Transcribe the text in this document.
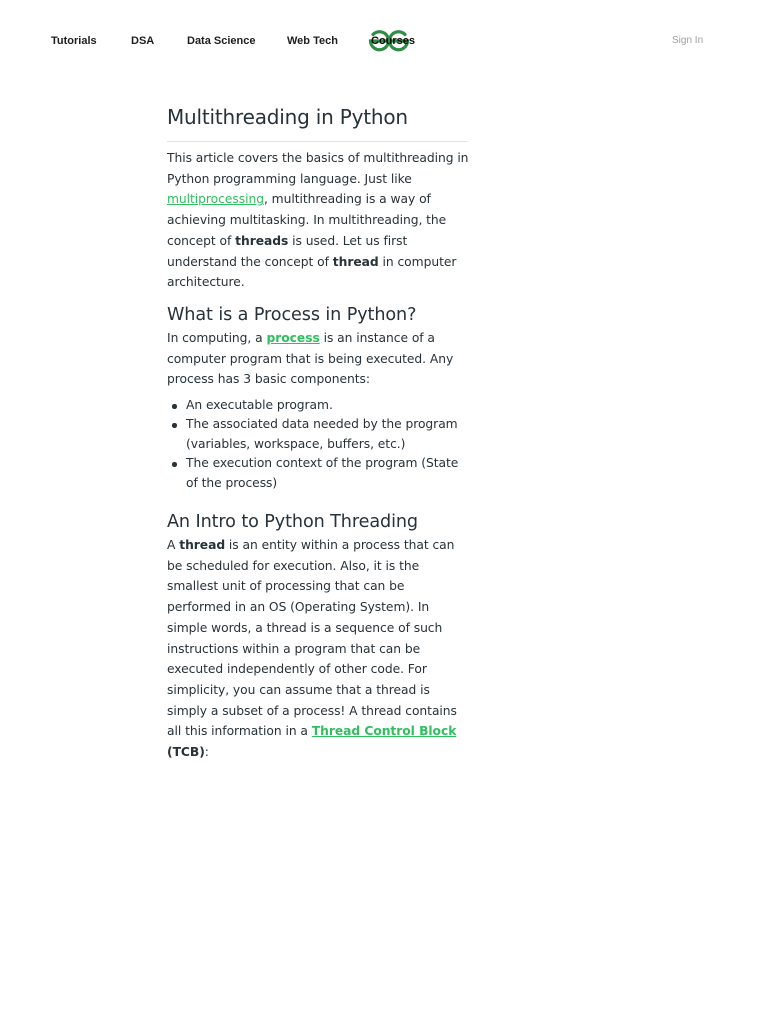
Tutorials	DSA	Data Science	Web Tech	Courses	Sign In
Multithreading in Python

This article covers the basics of multithreading in Python programming language. Just like multiprocessing, multithreading is a way of achieving multitasking. In multithreading, the concept of threads is used. Let us first understand the concept of thread in computer architecture.

What is a Process in Python?

In computing, a process is an instance of a computer program that is being executed. Any process has 3 basic components:

An executable program.
The associated data needed by the program (variables, workspace, buffers, etc.)
The execution context of the program (State of the process)
An Intro to Python Threading

A thread is an entity within a process that can be scheduled for execution. Also, it is the smallest unit of processing that can be performed in an OS (Operating System). In simple words, a thread is a sequence of such instructions within a program that can be executed independently of other code. For simplicity, you can assume that a thread is simply a subset of a process! A thread contains all this information in a Thread Control Block (TCB):
